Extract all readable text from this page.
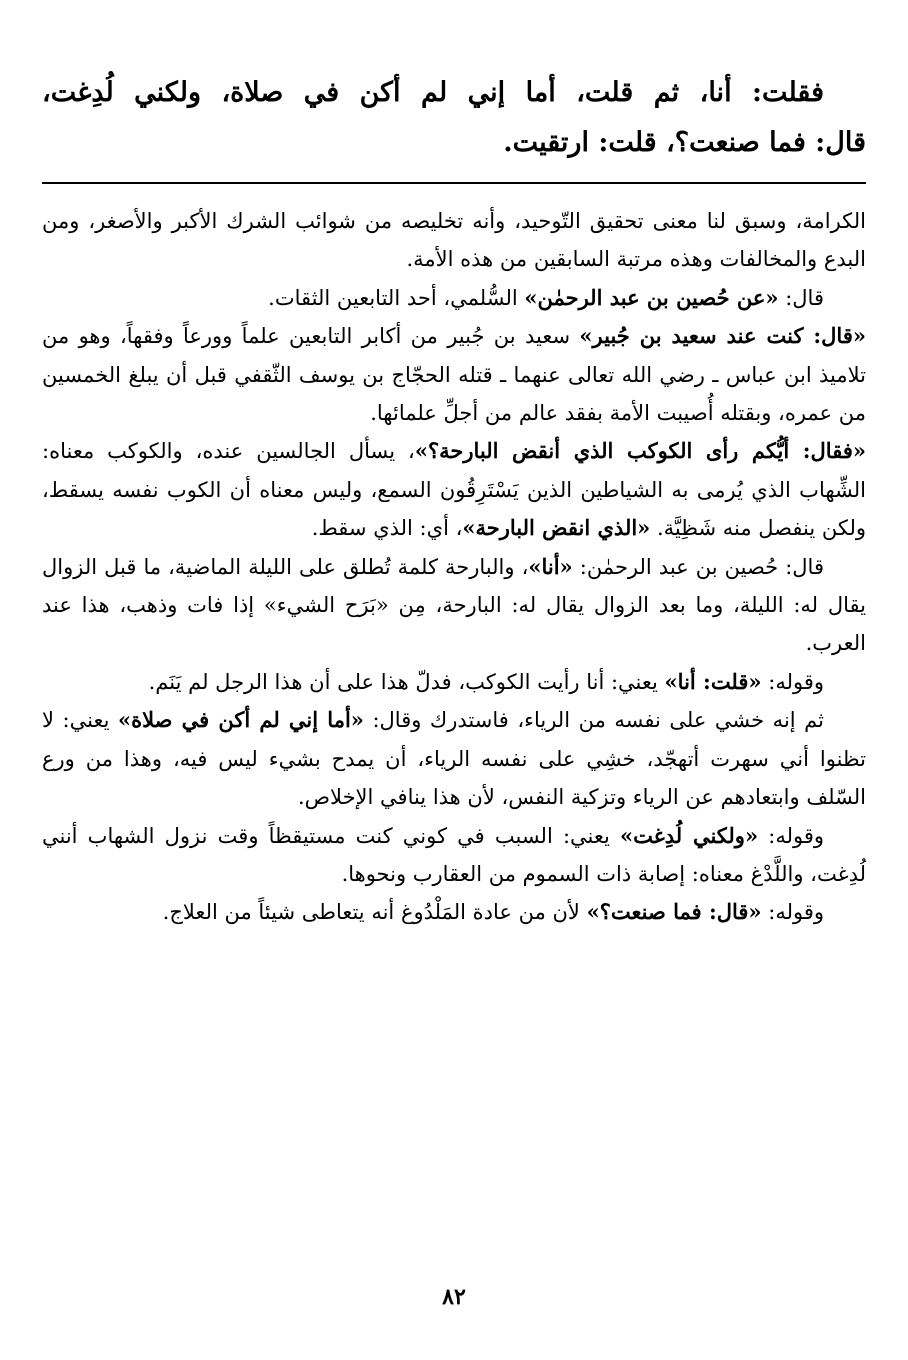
فقلت: أنا، ثم قلت، أما إني لم أكن في صلاة، ولكني لُدِغت،
قال: فما صنعت؟، قلت: ارتقيت.

الكرامة، وسبق لنا معنى تحقيق التّوحيد، وأنه تخليصه من شوائب الشرك الأكبر والأصغر، ومن البدع والمخالفات وهذه مرتبة السابقين من هذه الأمة.

قال: «عن حُصين بن عبد الرحمٰن» السُّلمي، أحد التابعين الثقات.

«قال: كنت عند سعيد بن جُبير» سعيد بن جُبير من أكابر التابعين علماً وورعاً وفقهاً، وهو من تلاميذ ابن عباس ـ رضي الله تعالى عنهما ـ قتله الحجّاج بن يوسف الثّقفي قبل أن يبلغ الخمسين من عمره، وبقتله أُصيبت الأمة بفقد عالم من أجلِّ علمائها.

«فقال: أيُّكم رأى الكوكب الذي أنقض البارحة؟»، يسأل الجالسين عنده، والكوكب معناه: الشِّهاب الذي يُرمى به الشياطين الذين يَسْتَرِقُون السمع، وليس معناه أن الكوب نفسه يسقط، ولكن ينفصل منه شَظِيَّة. «الذي انقض البارحة»، أي: الذي سقط.

قال: حُصين بن عبد الرحمٰن: «أنا»، والبارحة كلمة تُطلق على الليلة الماضية، ما قبل الزوال يقال له: الليلة، وما بعد الزوال يقال له: البارحة، مِن «بَرَح الشيء» إذا فات وذهب، هذا عند العرب.

وقوله: «قلت: أنا» يعني: أنا رأيت الكوكب، فدلّ هذا على أن هذا الرجل لم يَنَم.

ثم إنه خشي على نفسه من الرياء، فاستدرك وقال: «أما إني لم أكن في صلاة» يعني: لا تظنوا أني سهرت أتهجّد، خشِي على نفسه الرياء، أن يمدح بشيء ليس فيه، وهذا من ورع السّلف وابتعادهم عن الرياء وتزكية النفس، لأن هذا ينافي الإخلاص.

وقوله: «ولكني لُدِغت» يعني: السبب في كوني كنت مستيقظاً وقت نزول الشهاب أنني لُدِغت، واللَّدْغ معناه: إصابة ذات السموم من العقارب ونحوها.

وقوله: «قال: فما صنعت؟» لأن من عادة المَلْدُوغ أنه يتعاطى شيئاً من العلاج.

٨٢
